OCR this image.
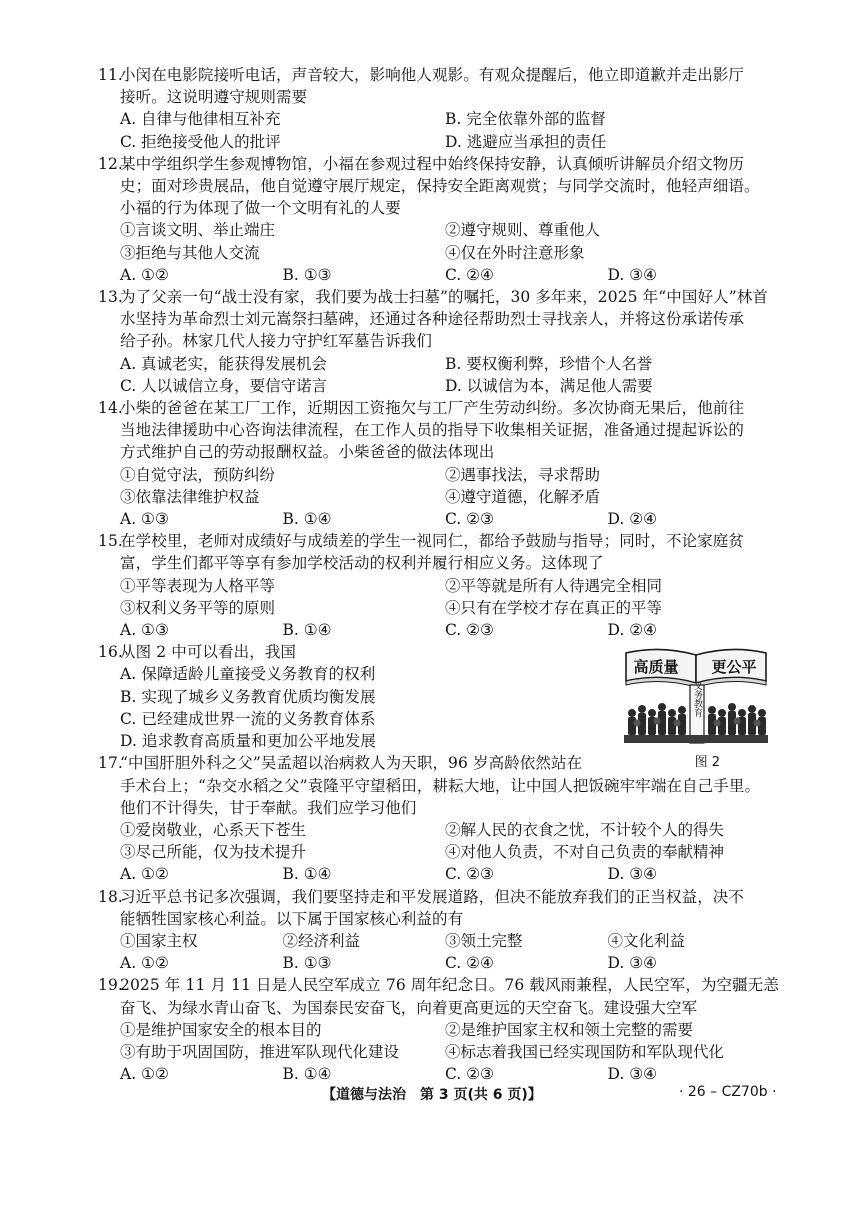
11.小闵在电影院接听电话，声音较大，影响他人观影。有观众提醒后，他立即道歉并走出影厅
接听。这说明遵守规则需要
A. 自律与他律相互补充	B. 完全依靠外部的监督
C. 拒绝接受他人的批评	D. 逃避应当承担的责任
12.某中学组织学生参观博物馆，小福在参观过程中始终保持安静，认真倾听讲解员介绍文物历
史；面对珍贵展品，他自觉遵守展厅规定，保持安全距离观赏；与同学交流时，他轻声细语。
小福的行为体现了做一个文明有礼的人要
①言谈文明、举止端庄	②遵守规则、尊重他人
③拒绝与其他人交流	④仅在外时注意形象
A. ①②	B. ①③	C. ②④	D. ③④
13.为了父亲一句“战士没有家，我们要为战士扫墓”的嘱托，30 多年来，2025 年“中国好人”林首
水坚持为革命烈士刘元嵩祭扫墓碑，还通过各种途径帮助烈士寻找亲人，并将这份承诺传承
给子孙。林家几代人接力守护红军墓告诉我们
A. 真诚老实，能获得发展机会	B. 要权衡利弊，珍惜个人名誉
C. 人以诚信立身，要信守诺言	D. 以诚信为本，满足他人需要
14.小柴的爸爸在某工厂工作，近期因工资拖欠与工厂产生劳动纠纷。多次协商无果后，他前往
当地法律援助中心咨询法律流程，在工作人员的指导下收集相关证据，准备通过提起诉讼的
方式维护自己的劳动报酬权益。小柴爸爸的做法体现出
①自觉守法，预防纠纷	②遇事找法，寻求帮助
③依靠法律维护权益	④遵守道德，化解矛盾
A. ①③	B. ①④	C. ②③	D. ②④
15.在学校里，老师对成绩好与成绩差的学生一视同仁，都给予鼓励与指导；同时，不论家庭贫
富，学生们都平等享有参加学校活动的权利并履行相应义务。这体现了
①平等表现为人格平等	②平等就是所有人待遇完全相同
③权利义务平等的原则	④只有在学校才存在真正的平等
A. ①③	B. ①④	C. ②③	D. ②④
16.从图 2 中可以看出，我国
A. 保障适龄儿童接受义务教育的权利
B. 实现了城乡义务教育优质均衡发展
C. 已经建成世界一流的义务教育体系
D. 追求教育高质量和更加公平地发展
高质量 更公平
义务教育
图 2
17.“中国肝胆外科之父”吴孟超以治病救人为天职，96 岁高龄依然站在
手术台上；“杂交水稻之父”袁隆平守望稻田，耕耘大地，让中国人把饭碗牢牢端在自己手里。
他们不计得失，甘于奉献。我们应学习他们
①爱岗敬业，心系天下苍生	②解人民的衣食之忧，不计较个人的得失
③尽己所能，仅为技术提升	④对他人负责，不对自己负责的奉献精神
A. ①②	B. ①④	C. ②③	D. ③④
18.习近平总书记多次强调，我们要坚持走和平发展道路，但决不能放弃我们的正当权益，决不
能牺牲国家核心利益。以下属于国家核心利益的有
①国家主权	②经济利益	③领土完整	④文化利益
A. ①②	B. ①③	C. ②④	D. ③④
19.2025 年 11 月 11 日是人民空军成立 76 周年纪念日。76 载风雨兼程，人民空军，为空疆无恙
奋飞、为绿水青山奋飞、为国泰民安奋飞，向着更高更远的天空奋飞。建设强大空军
①是维护国家安全的根本目的	②是维护国家主权和领土完整的需要
③有助于巩固国防，推进军队现代化建设	④标志着我国已经实现国防和军队现代化
A. ①②	B. ①④	C. ②③	D. ③④
【道德与法治　第 3 页(共 6 页)】	· 26 – CZ70b ·
